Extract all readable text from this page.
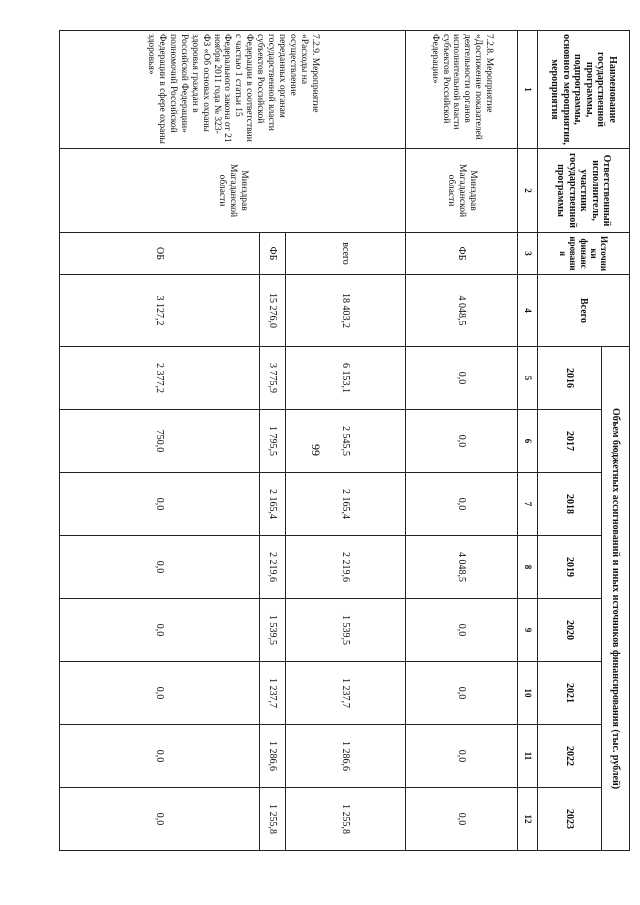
99
Наименование государственной программы, подпрограммы, основного мероприятия, мероприятия	Ответственный исполнитель, участник государственной программы	Источники финансирования	Всего	Объем бюджетных ассигнований и иных источников финансирования (тыс. рублей)							
				2016	2017	2018	2019	2020	2021	2022	2023
1	2	3	4	5	6	7	8	9	10	11	12
7.2.8. Мероприятие «Достижение показателей деятельности органов исполнительной власти субъектов Российской Федерации»	Минздрав Магаданской области	ФБ	4 048,5	0,0	0,0	0,0	4 048,5	0,0	0,0	0,0	0,0
7.2.9. Мероприятие «Расходы на осуществление переданных органам государственной власти субъектов Российской Федерации в соответствии с частью 1 статьи 15 Федерального закона от 21 ноября 2011 года № 323-ФЗ «Об основах охраны здоровья граждан в Российской Федерации» полномочий Российской Федерации в сфере охраны здоровья»	Минздрав Магаданской области	всего	18 403,2	6 153,1	2 545,5	2 165,4	2 219,6	1 539,5	1 237,7	1 286,6	1 255,8
		ФБ	15 276,0	3 775,9	1 795,5	2 165,4	2 219,6	1 539,5	1 237,7	1 286,6	1 255,8
		ОБ	3 127,2	2 377,2	750,0	0,0	0,0	0,0	0,0	0,0	0,0
